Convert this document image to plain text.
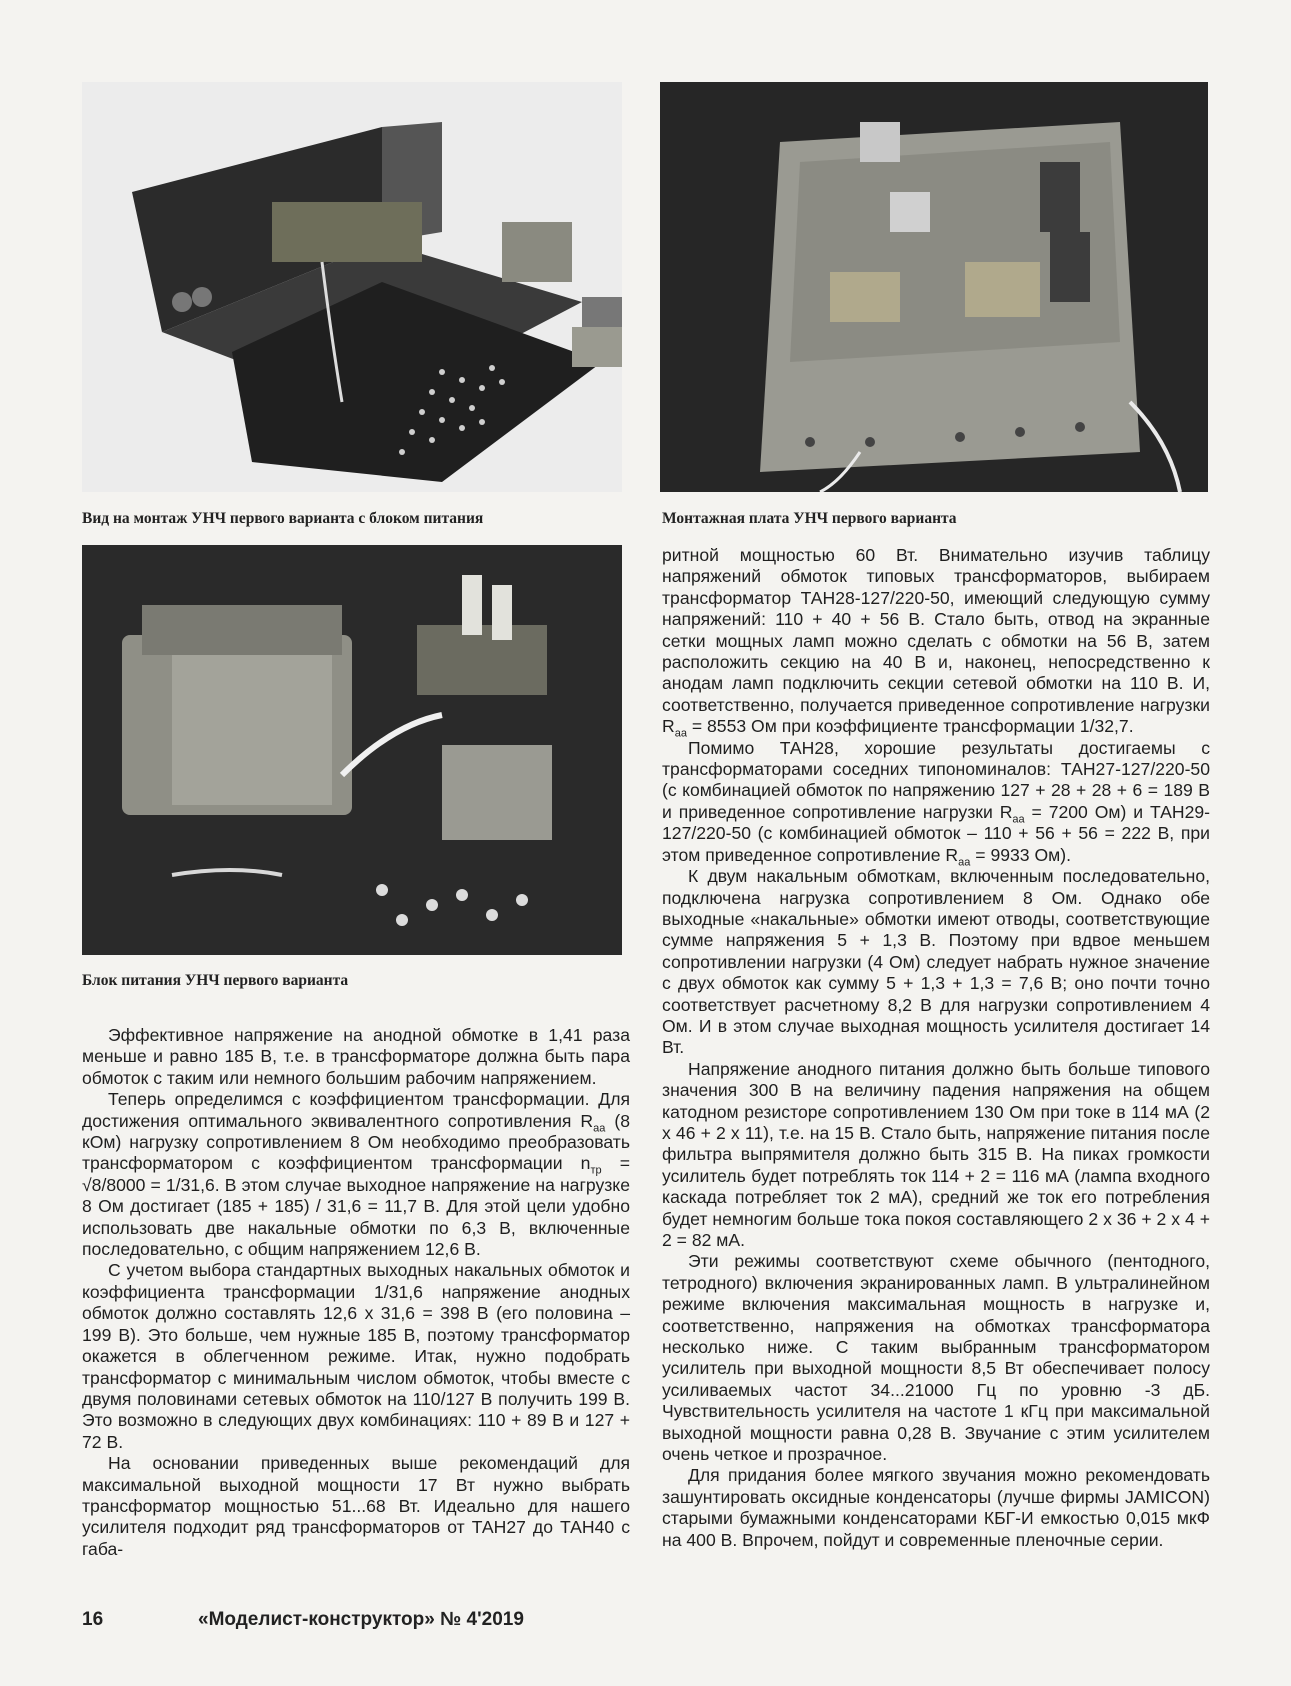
Вид на монтаж УНЧ первого варианта с блоком питания	Монтажная плата УНЧ первого варианта
Блок питания УНЧ первого варианта

Эффективное напряжение на анодной обмотке в 1,41 раза меньше и равно 185 В, т.е. в трансформаторе должна быть пара обмоток с таким или немного большим рабочим напряжением.

Теперь определимся с коэффициентом трансформации. Для достижения оптимального эквивалентного сопротивления $R_{аа}$ (8 кОм) нагрузку сопротивлением 8 Ом необходимо преобразовать трансформатором с коэффициентом трансформации $n_{тр} = √8/8000 = 1/31,6$. В этом случае выходное напряжение на нагрузке 8 Ом достигает (185 + 185) / 31,6 = 11,7 В. Для этой цели удобно использовать две накальные обмотки по 6,3 В, включенные последовательно, с общим напряжением 12,6 В.

С учетом выбора стандартных выходных накальных обмоток и коэффициента трансформации 1/31,6 напряжение анодных обмоток должно составлять 12,6 x 31,6 = 398 В (его половина – 199 В). Это больше, чем нужные 185 В, поэтому трансформатор окажется в облегченном режиме. Итак, нужно подобрать трансформатор с минимальным числом обмоток, чтобы вместе с двумя половинами сетевых обмоток на 110/127 В получить 199 В. Это возможно в следующих двух комбинациях: 110 + 89 В и 127 + 72 В.

На основании приведенных выше рекомендаций для максимальной выходной мощности 17 Вт нужно выбрать трансформатор мощностью 51...68 Вт. Идеально для нашего усилителя подходит ряд трансформаторов от ТАН27 до ТАН40 с габа-

ритной мощностью 60 Вт. Внимательно изучив таблицу напряжений обмоток типовых трансформаторов, выбираем трансформатор ТАН28-127/220-50, имеющий следующую сумму напряжений: 110 + 40 + 56 В. Стало быть, отвод на экранные сетки мощных ламп можно сделать с обмотки на 56 В, затем расположить секцию на 40 В и, наконец, непосредственно к анодам ламп подключить секции сетевой обмотки на 110 В. И, соответственно, получается приведенное сопротивление нагрузки $R_{аа} = 8553$ Ом при коэффициенте трансформации 1/32,7.

Помимо ТАН28, хорошие результаты достигаемы с трансформаторами соседних типономиналов: ТАН27-127/220-50 (с комбинацией обмоток по напряжению 127 + 28 + 28 + 6 = 189 В и приведенное сопротивление нагрузки $R_{аа} = 7200$ Ом) и ТАН29-127/220-50 (с комбинацией обмоток – 110 + 56 + 56 = 222 В, при этом приведенное сопротивление $R_{аа} = 9933$ Ом).

К двум накальным обмоткам, включенным последовательно, подключена нагрузка сопротивлением 8 Ом. Однако обе выходные «накальные» обмотки имеют отводы, соответствующие сумме напряжения 5 + 1,3 В. Поэтому при вдвое меньшем сопротивлении нагрузки (4 Ом) следует набрать нужное значение с двух обмоток как сумму 5 + 1,3 + 1,3 = 7,6 В; оно почти точно соответствует расчетному 8,2 В для нагрузки сопротивлением 4 Ом. И в этом случае выходная мощность усилителя достигает 14 Вт.

Напряжение анодного питания должно быть больше типового значения 300 В на величину падения напряжения на общем катодном резисторе сопротивлением 130 Ом при токе в 114 мА (2 x 46 + 2 x 11), т.е. на 15 В. Стало быть, напряжение питания после фильтра выпрямителя должно быть 315 В. На пиках громкости усилитель будет потреблять ток 114 + 2 = 116 мА (лампа входного каскада потребляет ток 2 мА), средний же ток его потребления будет немногим больше тока покоя составляющего 2 x 36 + 2 x 4 + 2 = 82 мА.

Эти режимы соответствуют схеме обычного (пентодного, тетродного) включения экранированных ламп. В ультралинейном режиме включения максимальная мощность в нагрузке и, соответственно, напряжения на обмотках трансформатора несколько ниже. С таким выбранным трансформатором усилитель при выходной мощности 8,5 Вт обеспечивает полосу усиливаемых частот 34...21000 Гц по уровню -3 дБ. Чувствительность усилителя на частоте 1 кГц при максимальной выходной мощности равна 0,28 В. Звучание с этим усилителем очень четкое и прозрачное.

Для придания более мягкого звучания можно рекомендовать зашунтировать оксидные конденсаторы (лучше фирмы JAMICON) старыми бумажными конденсаторами КБГ-И емкостью 0,015 мкФ на 400 В. Впрочем, пойдут и современные пленочные серии.

16	«Моделист-конструктор» № 4'2019
